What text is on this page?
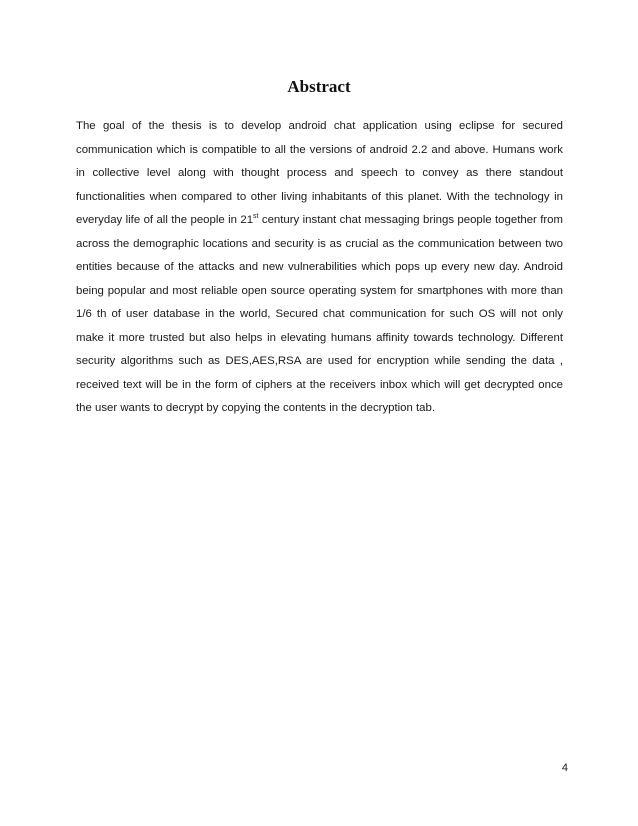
Abstract

The goal of the thesis is to develop android chat application using eclipse for secured communication which is compatible to all the versions of android 2.2 and above. Humans work in collective level along with thought process and speech to convey as there standout functionalities when compared to other living inhabitants of this planet. With the technology in everyday life of all the people in 21st century instant chat messaging brings people together from across the demographic locations and security is as crucial as the communication between two entities because of the attacks and new vulnerabilities which pops up every new day. Android being popular and most reliable open source operating system for smartphones with more than 1/6 th of user database in the world, Secured chat communication for such OS will not only make it more trusted but also helps in elevating humans affinity towards technology. Different security algorithms such as DES,AES,RSA are used for encryption while sending the data , received text will be in the form of ciphers at the receivers inbox which will get decrypted once the user wants to decrypt by copying the contents in the decryption tab.

4
